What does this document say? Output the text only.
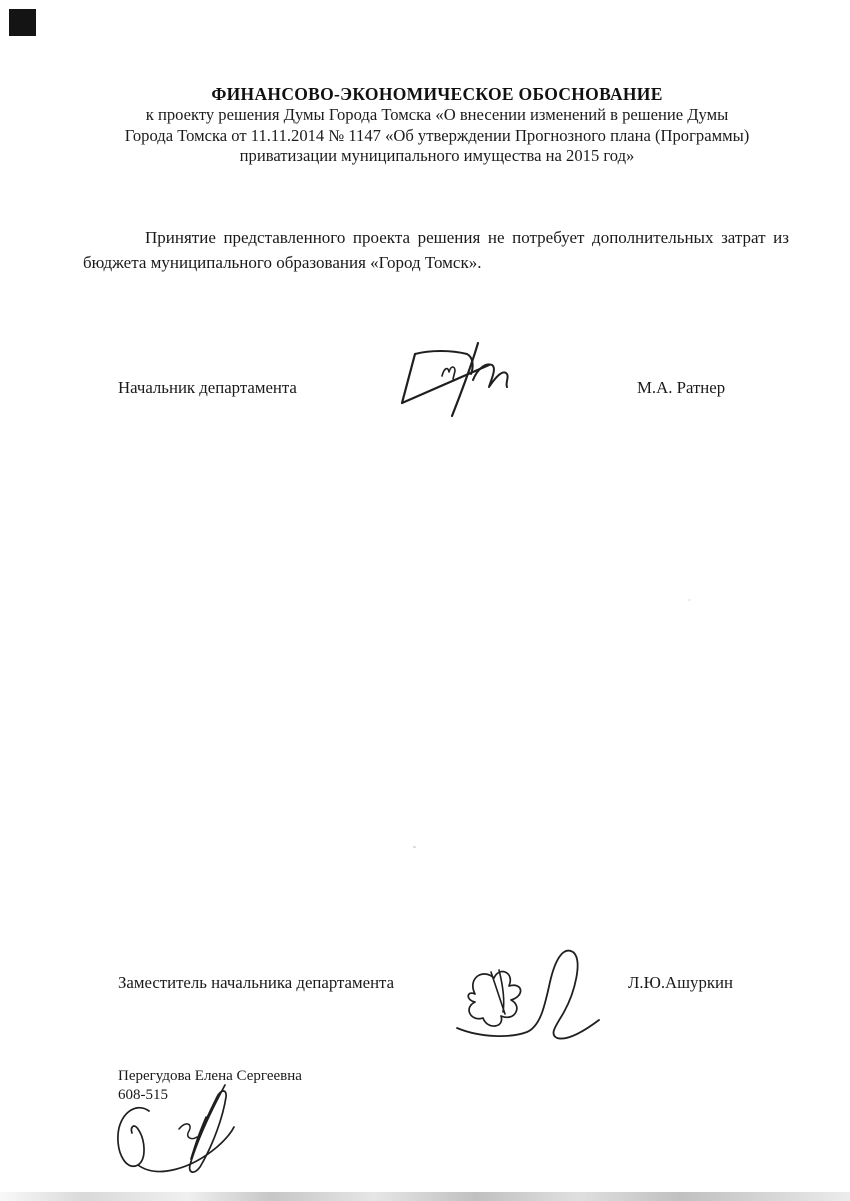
ФИНАНСОВО-ЭКОНОМИЧЕСКОЕ ОБОСНОВАНИЕ
к проекту решения Думы Города Томска «О внесении изменений в решение Думы
Города Томска от 11.11.2014 № 1147 «Об утверждении Прогнозного плана (Программы)
приватизации муниципального имущества на 2015 год»

Принятие представленного проекта решения не потребует дополнительных затрат из бюджета муниципального образования «Город Томск».

Начальник департамента	М.А. Ратнер
Заместитель начальника департамента	Л.Ю.Ашуркин
Перегудова Елена Сергеевна
608-515
